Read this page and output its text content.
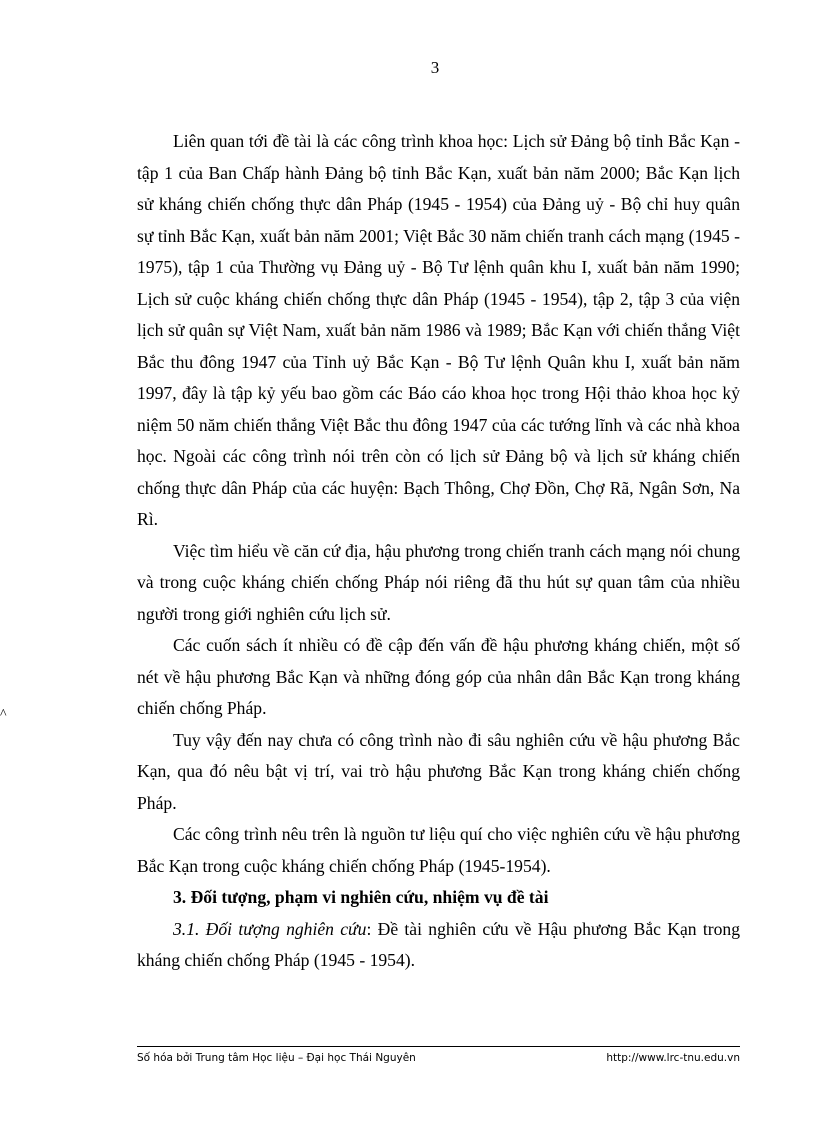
3
^

Liên quan tới đề tài là các công trình khoa học: Lịch sử Đảng bộ tỉnh Bắc Kạn - tập 1 của Ban Chấp hành Đảng bộ tỉnh Bắc Kạn, xuất bản năm 2000; Bắc Kạn lịch sử kháng chiến chống thực dân Pháp (1945 - 1954) của Đảng uỷ - Bộ chỉ huy quân sự tỉnh Bắc Kạn, xuất bản năm 2001; Việt Bắc 30 năm chiến tranh cách mạng (1945 - 1975), tập 1 của Thường vụ Đảng uỷ - Bộ Tư lệnh quân khu I, xuất bản năm 1990; Lịch sử cuộc kháng chiến chống thực dân Pháp (1945 - 1954), tập 2, tập 3 của viện lịch sử quân sự Việt Nam, xuất bản năm 1986 và 1989; Bắc Kạn với chiến thắng Việt Bắc thu đông 1947 của Tỉnh uỷ Bắc Kạn - Bộ Tư lệnh Quân khu I, xuất bản năm 1997, đây là tập kỷ yếu bao gồm các Báo cáo khoa học trong Hội thảo khoa học kỷ niệm 50 năm chiến thắng Việt Bắc thu đông 1947 của các tướng lĩnh và các nhà khoa học. Ngoài các công trình nói trên còn có lịch sử Đảng bộ và lịch sử kháng chiến chống thực dân Pháp của các huyện: Bạch Thông, Chợ Đồn, Chợ Rã, Ngân Sơn, Na Rì.

Việc tìm hiểu về căn cứ địa, hậu phương trong chiến tranh cách mạng nói chung và trong cuộc kháng chiến chống Pháp nói riêng đã thu hút sự quan tâm của nhiều người trong giới nghiên cứu lịch sử.

Các cuốn sách ít nhiều có đề cập đến vấn đề hậu phương kháng chiến, một số nét về hậu phương Bắc Kạn và những đóng góp của nhân dân Bắc Kạn trong kháng chiến chống Pháp.

Tuy vậy đến nay chưa có công trình nào đi sâu nghiên cứu về hậu phương Bắc Kạn, qua đó nêu bật vị trí, vai trò hậu phương Bắc Kạn trong kháng chiến chống Pháp.

Các công trình nêu trên là nguồn tư liệu quí cho việc nghiên cứu về hậu phương Bắc Kạn trong cuộc kháng chiến chống Pháp (1945-1954).

3. Đối tượng, phạm vi nghiên cứu, nhiệm vụ đề tài

3.1. Đối tượng nghiên cứu: Đề tài nghiên cứu về Hậu phương Bắc Kạn trong kháng chiến chống Pháp (1945 - 1954).

Số hóa bởi Trung tâm Học liệu – Đại học Thái Nguyên	http://www.lrc-tnu.edu.vn
